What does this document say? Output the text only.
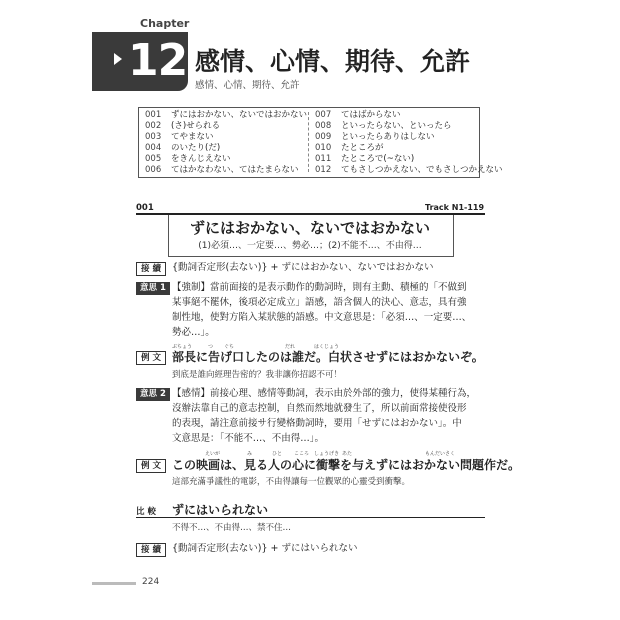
Chapter
12 感情、心情、期待、允許
感情、心情、期待、允許
001 ずにはおかない、ないではおかない
002 (さ)せられる
003 てやまない
004 のいたり(だ)
005 をきんじえない
006 てはかなわない、てはたまらない
007 てはばからない
008 といったらない、といったら
009 といったらありはしない
010 たところが
011 たところで(~ない)
012 てもさしつかえない、でもさしつかえない
001	Track N1-119
ずにはおかない、ないではおかない
(1)必須…、一定要…、勢必…；(2)不能不…、不由得…
接 續	{動詞否定形(去ない)} + ずにはおかない、ないではおかない
意思 1 【強制】當前面接的是表示動作的動詞時，則有主動、積極的「不做到
某事絕不罷休，後項必定成立」語感，語含個人的決心、意志，具有強
制性地，使對方陷入某狀態的語感。中文意思是：「必須…、一定要…、
勢必…」。
例 文
ぶちょう	つ ぐち	だれ	はくじょう
部長に告げ口したのは誰だ。白状させずにはおかないぞ。
到底是誰向經理告密的？我非讓你招認不可！
意思 2 【感情】前接心理、感情等動詞，表示由於外部的強力，使得某種行為，
沒辦法靠自己的意志控制，自然而然地就發生了，所以前面常接使役形
的表現，請注意前接サ行變格動詞時，要用「せずにはおかない」。中
文意思是：「不能不…、不由得…」。
例 文
えいが	み	ひと こころ しょうげき あた	もんだいさく
この映画は、見る人の心に衝撃を与えずにはおかない問題作だ。
這部充滿爭議性的電影，不由得讓每一位觀眾的心靈受到衝擊。
比 較	ずにはいられない
不得不…、不由得…、禁不住…
接 續	{動詞否定形(去ない)} + ずにはいられない
224
